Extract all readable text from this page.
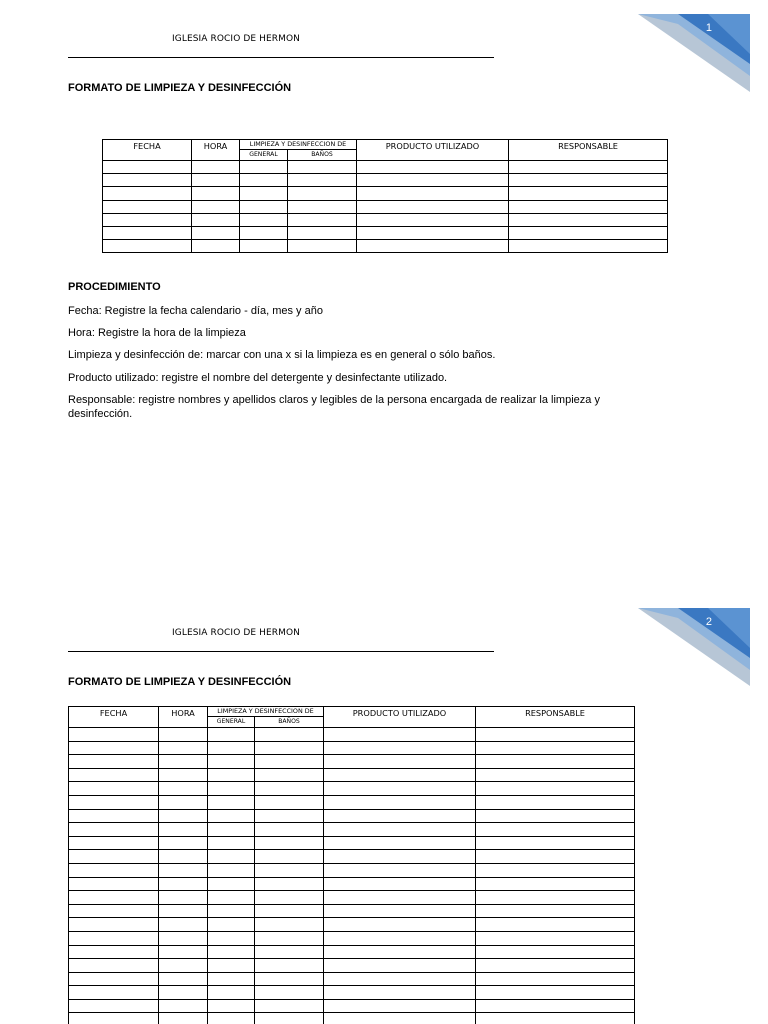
1
IGLESIA ROCIO DE HERMON
FORMATO DE LIMPIEZA Y DESINFECCIÓN
FECHA	HORA	LIMPIEZA Y DESINFECCION DE		PRODUCTO UTILIZADO	RESPONSABLE
		GENERAL	BAÑOS		

PROCEDIMIENTO
Fecha: Registre la fecha calendario - día, mes y año
Hora: Registre la hora de la limpieza
Limpieza y desinfección de: marcar con una x si la limpieza es en general o sólo baños.
Producto utilizado: registre el nombre del detergente y desinfectante utilizado.
Responsable: registre nombres y apellidos claros y legibles de la persona encargada de realizar la limpieza y desinfección.
2
IGLESIA ROCIO DE HERMON
FORMATO DE LIMPIEZA Y DESINFECCIÓN
FECHA	HORA	LIMPIEZA Y DESINFECCION DE		PRODUCTO UTILIZADO	RESPONSABLE
		GENERAL	BAÑOS		
